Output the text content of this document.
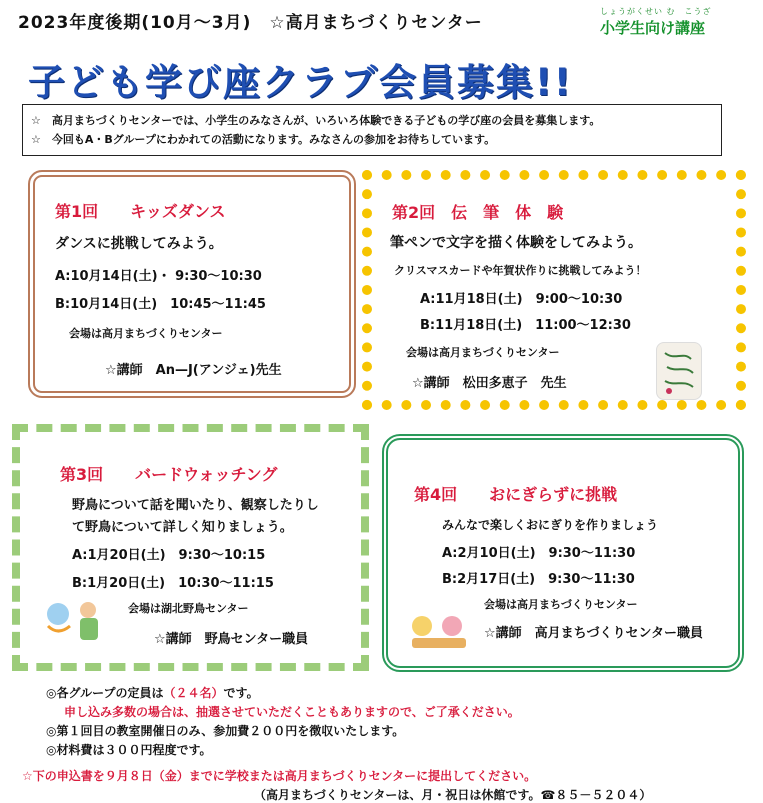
2023年度後期(10月～3月)　☆高月まちづくりセンター
しょうがくせい む　こうざ
小学生向け講座
子ども学び座クラブ会員募集!!
☆　高月まちづくりセンターでは、小学生のみなさんが、いろいろ体験できる子どもの学び座の会員を募集します。
☆　今回もA・Bグループにわかれての活動になります。みなさんの参加をお待ちしています。
第1回　　キッズダンス
ダンスに挑戦してみよう。
A:10月14日(土)・ 9:30～10:30
B:10月14日(土)　10:45～11:45
会場は高月まちづくりセンター
☆講師　An—J(アンジェ)先生
第2回　伝　筆　体　験
筆ペンで文字を描く体験をしてみよう。
クリスマスカードや年賀状作りに挑戦してみよう！
A:11月18日(土)　9:00～10:30
B:11月18日(土)　11:00～12:30
会場は高月まちづくりセンター
☆講師　松田多恵子　先生
第3回　　バードウォッチング
野鳥について話を聞いたり、観察したりし
て野鳥について詳しく知りましょう。
A:1月20日(土)　9:30～10:15
B:1月20日(土)　10:30～11:15
会場は湖北野鳥センター
☆講師　野鳥センター職員
第4回　　おにぎらずに挑戦
みんなで楽しくおにぎりを作りましょう
A:2月10日(土)　9:30～11:30
B:2月17日(土)　9:30～11:30
会場は高月まちづくりセンター
☆講師　高月まちづくりセンター職員
◎各グループの定員は（２４名）です。
申し込み多数の場合は、抽選させていただくこともありますので、ご了承ください。
◎第１回目の教室開催日のみ、参加費２００円を徴収いたします。
◎材料費は３００円程度です。
☆下の申込書を９月８日（金）までに学校または高月まちづくりセンターに提出してください。
（高月まちづくりセンターは、月・祝日は休館です。☎８５－５２０４）
